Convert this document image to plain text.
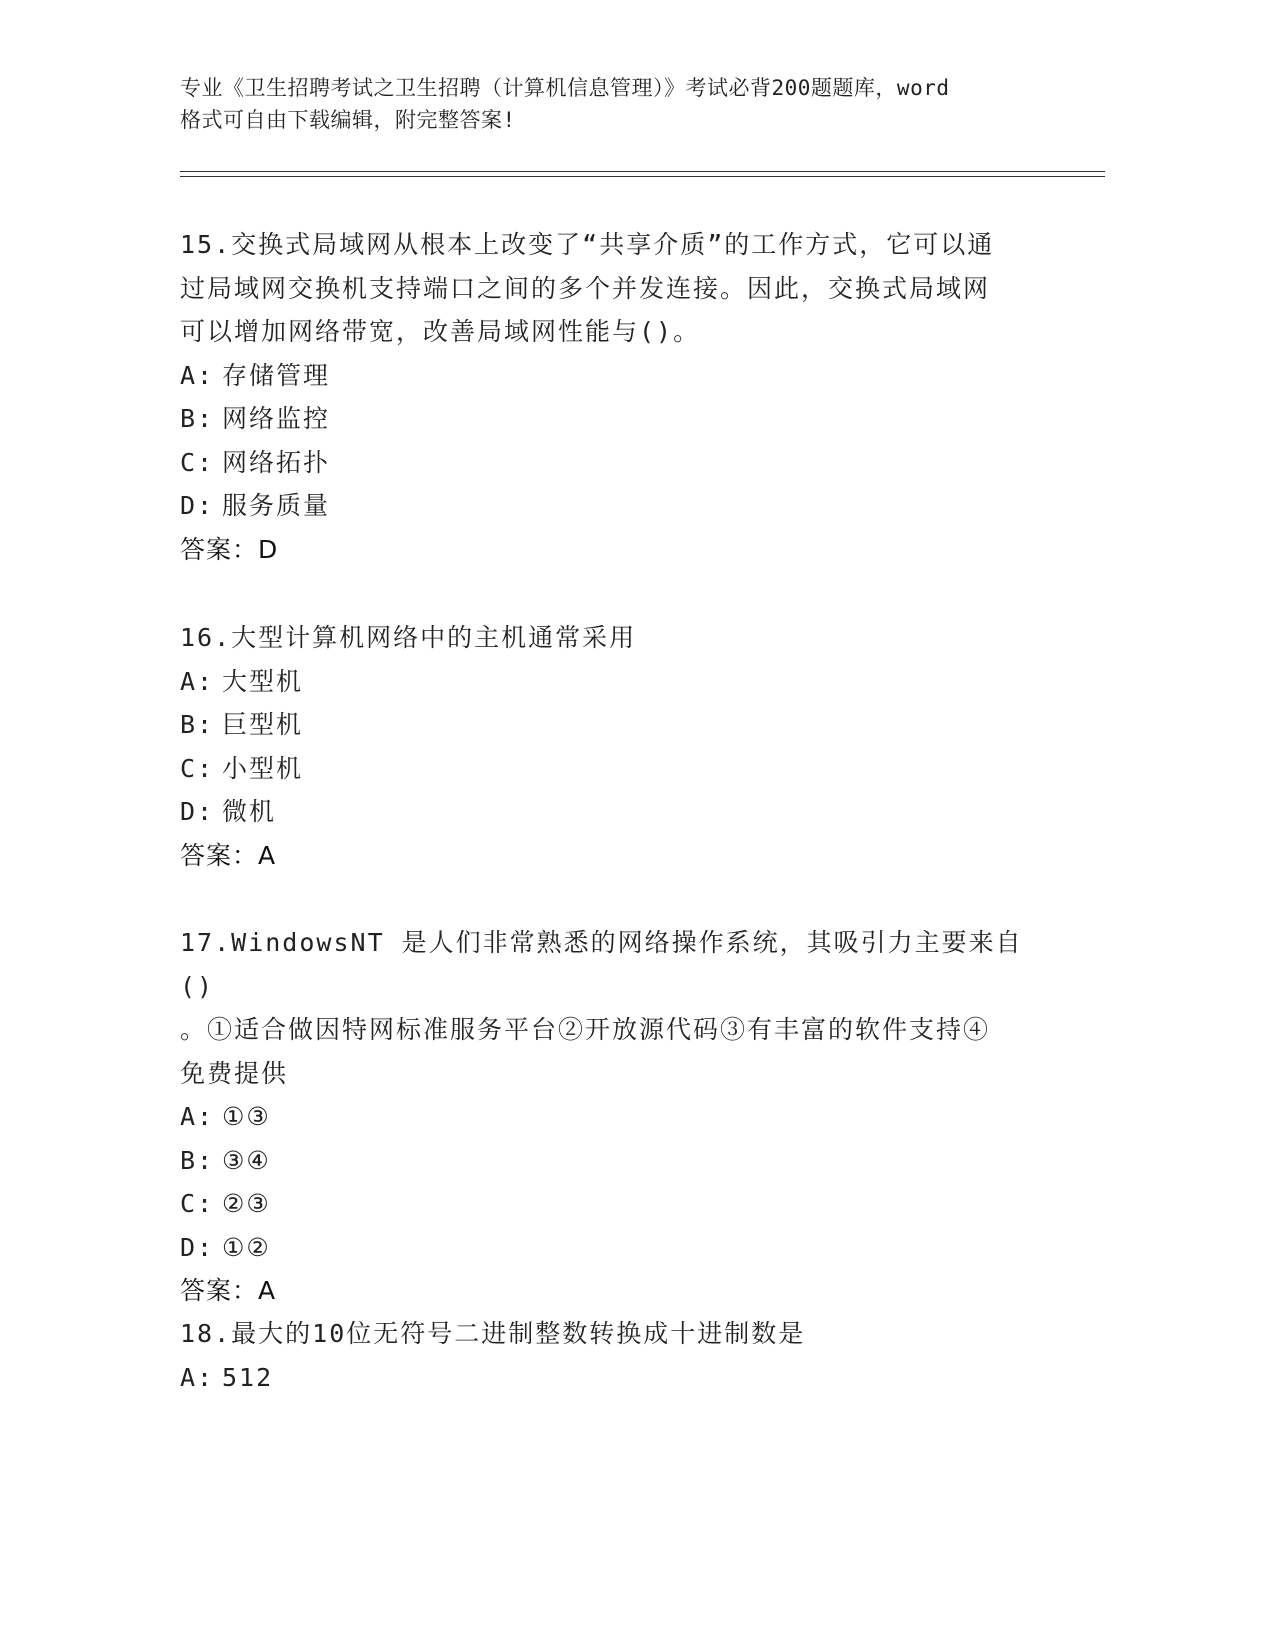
专业《卫生招聘考试之卫生招聘（计算机信息管理）》考试必背200题题库，word
格式可自由下载编辑，附完整答案!
15.交换式局域网从根本上改变了“共享介质”的工作方式，它可以通
过局域网交换机支持端口之间的多个并发连接。因此，交换式局域网
可以增加网络带宽，改善局域网性能与()。
A: 存储管理
B: 网络监控
C: 网络拓扑
D: 服务质量
答案：D
16.大型计算机网络中的主机通常采用
A: 大型机
B: 巨型机
C: 小型机
D: 微机
答案：A
17.WindowsNT 是人们非常熟悉的网络操作系统，其吸引力主要来自()
。①适合做因特网标准服务平台②开放源代码③有丰富的软件支持④
免费提供
A: ①③
B: ③④
C: ②③
D: ①②
答案：A
18.最大的10位无符号二进制整数转换成十进制数是
A: 512
